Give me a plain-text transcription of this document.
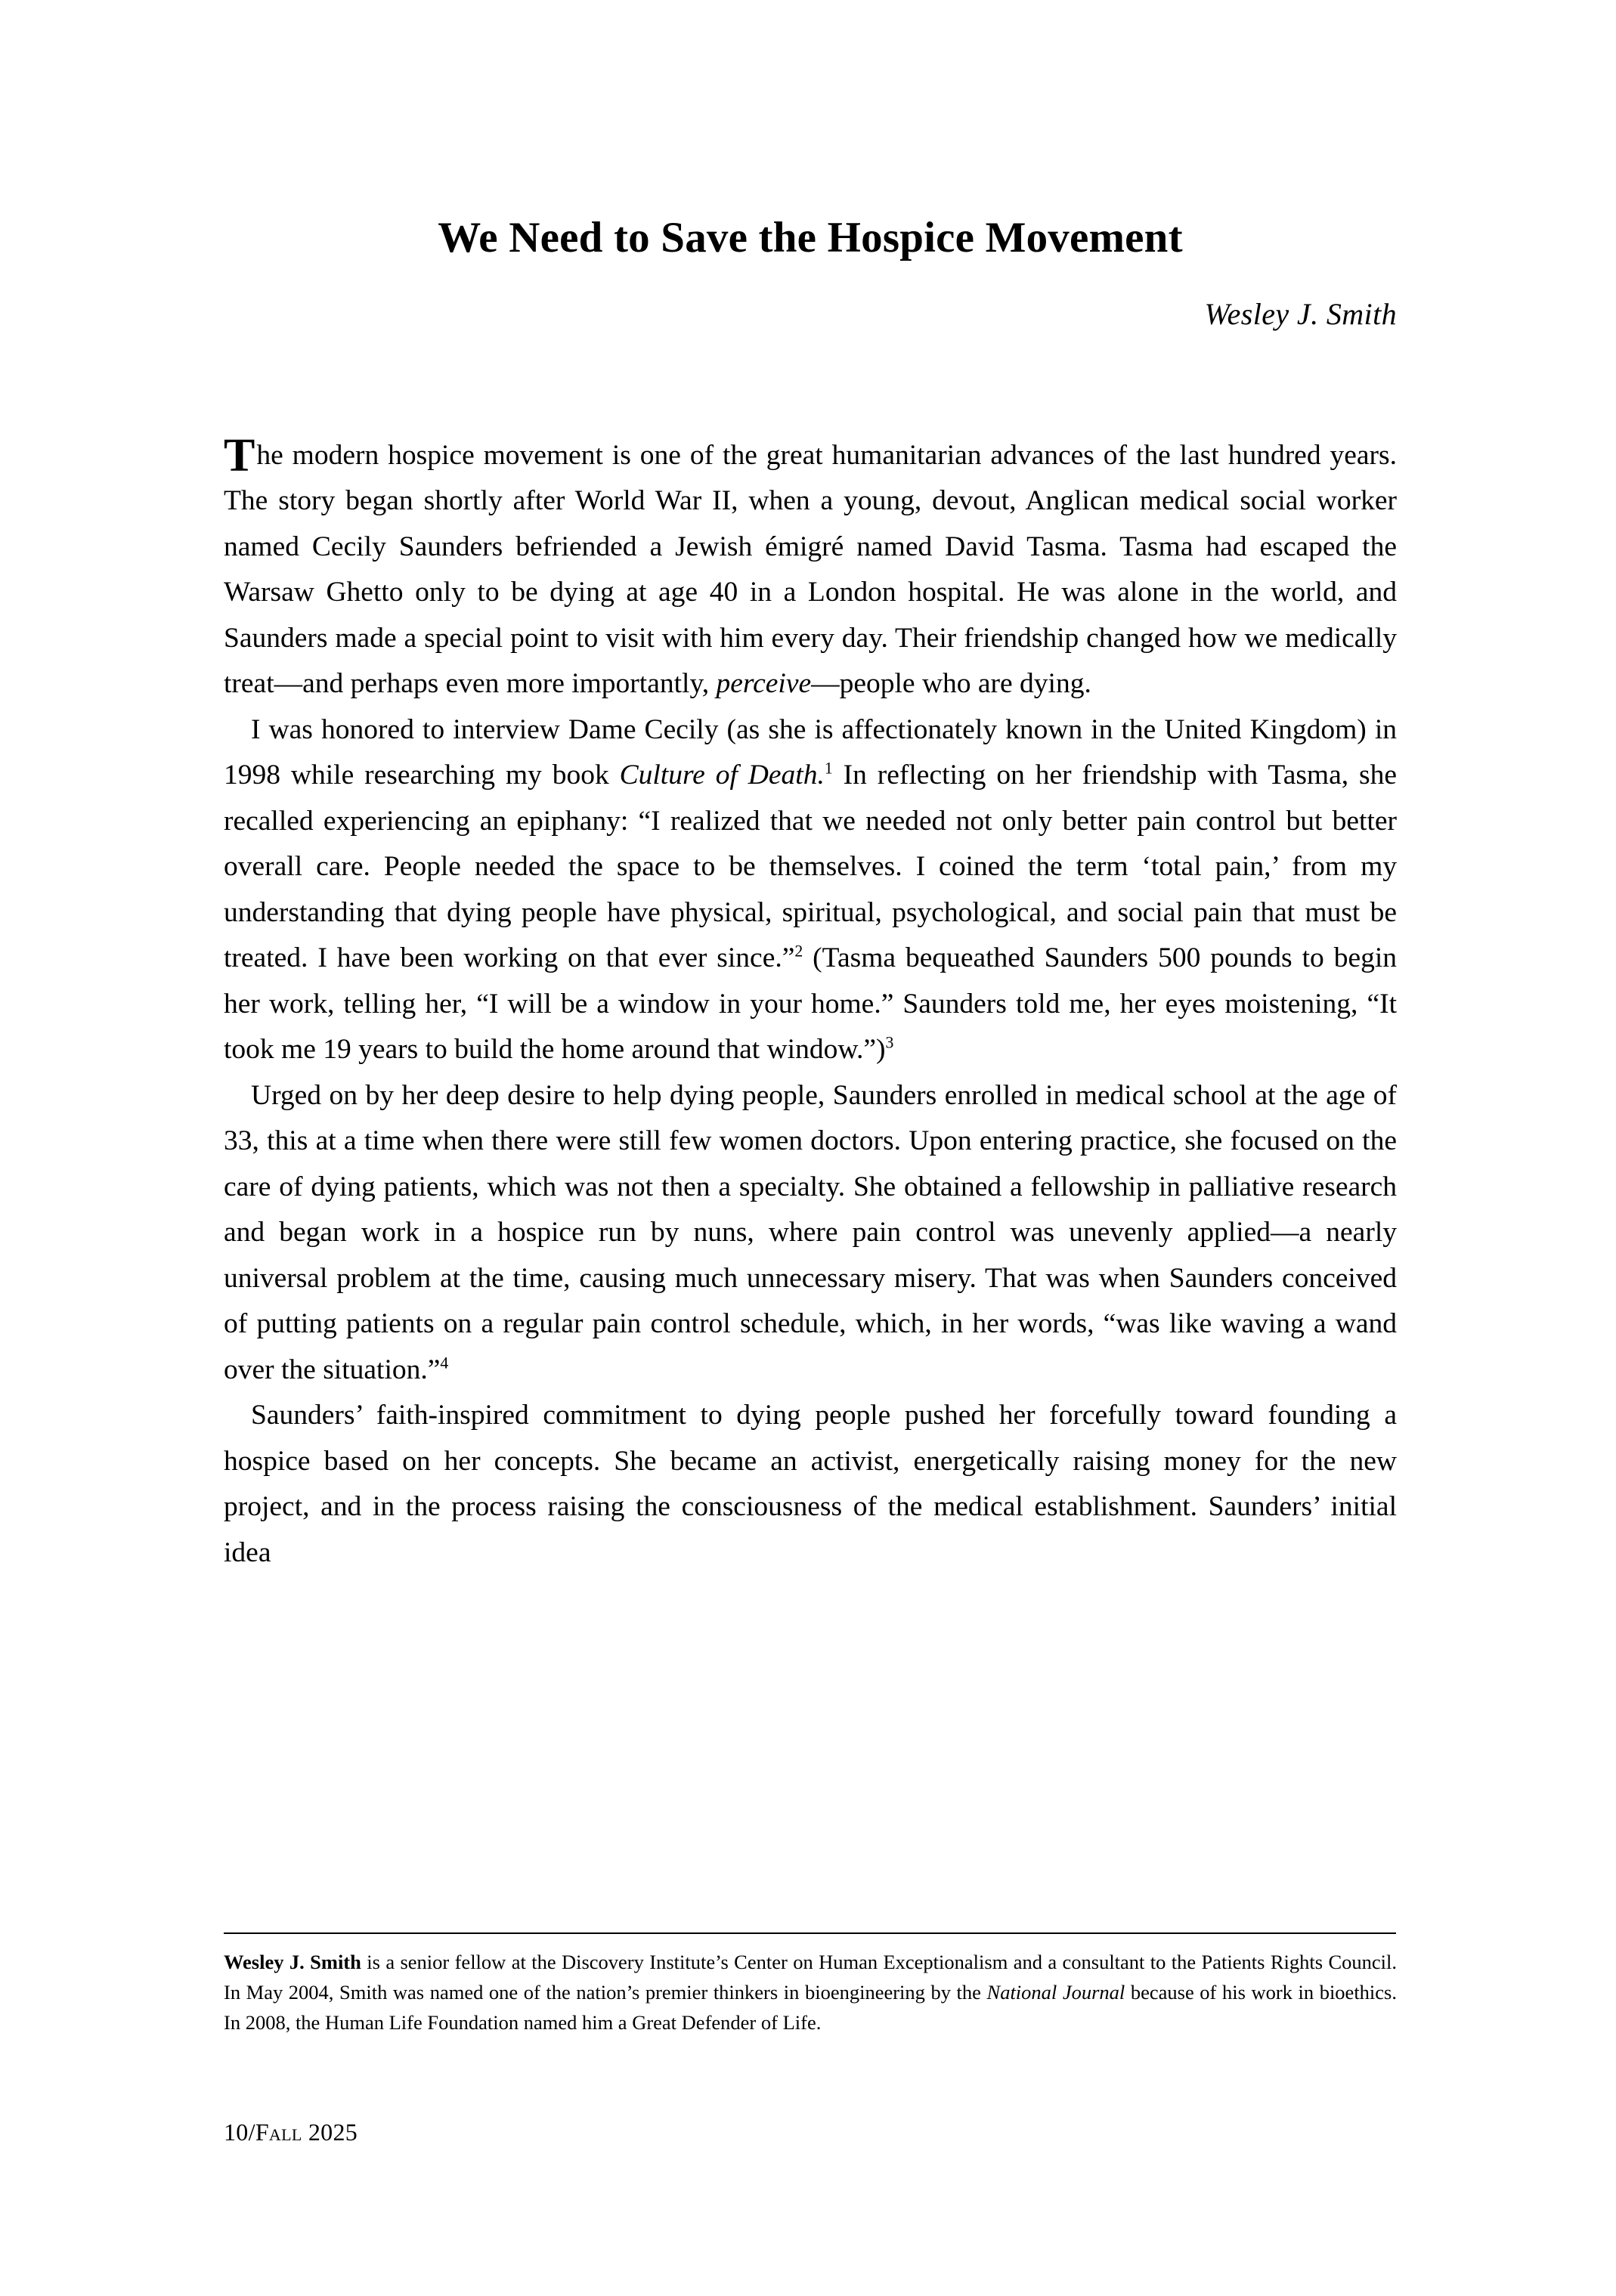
We Need to Save the Hospice Movement
Wesley J. Smith

The modern hospice movement is one of the great humanitarian advances of the last hundred years. The story began shortly after World War II, when a young, devout, Anglican medical social worker named Cecily Saunders befriended a Jewish émigré named David Tasma. Tasma had escaped the Warsaw Ghetto only to be dying at age 40 in a London hospital. He was alone in the world, and Saunders made a special point to visit with him every day. Their friendship changed how we medically treat—and perhaps even more importantly, perceive—people who are dying.

I was honored to interview Dame Cecily (as she is affectionately known in the United Kingdom) in 1998 while researching my book Culture of Death.$^1$ In reflecting on her friendship with Tasma, she recalled experiencing an epiphany: “I realized that we needed not only better pain control but better overall care. People needed the space to be themselves. I coined the term ‘total pain,’ from my understanding that dying people have physical, spiritual, psychological, and social pain that must be treated. I have been working on that ever since.”$^2$ (Tasma bequeathed Saunders 500 pounds to begin her work, telling her, “I will be a window in your home.” Saunders told me, her eyes moistening, “It took me 19 years to build the home around that window.”)$^3$

Urged on by her deep desire to help dying people, Saunders enrolled in medical school at the age of 33, this at a time when there were still few women doctors. Upon entering practice, she focused on the care of dying patients, which was not then a specialty. She obtained a fellowship in palliative research and began work in a hospice run by nuns, where pain control was unevenly applied—a nearly universal problem at the time, causing much unnecessary misery. That was when Saunders conceived of putting patients on a regular pain control schedule, which, in her words, “was like waving a wand over the situation.”$^4$

Saunders’ faith-inspired commitment to dying people pushed her forcefully toward founding a hospice based on her concepts. She became an activist, energetically raising money for the new project, and in the process raising the consciousness of the medical establishment. Saunders’ initial idea

Wesley J. Smith is a senior fellow at the Discovery Institute’s Center on Human Exceptionalism and a consultant to the Patients Rights Council. In May 2004, Smith was named one of the nation’s premier thinkers in bioengineering by the National Journal because of his work in bioethics. In 2008, the Human Life Foundation named him a Great Defender of Life.
10/Fall 2025
